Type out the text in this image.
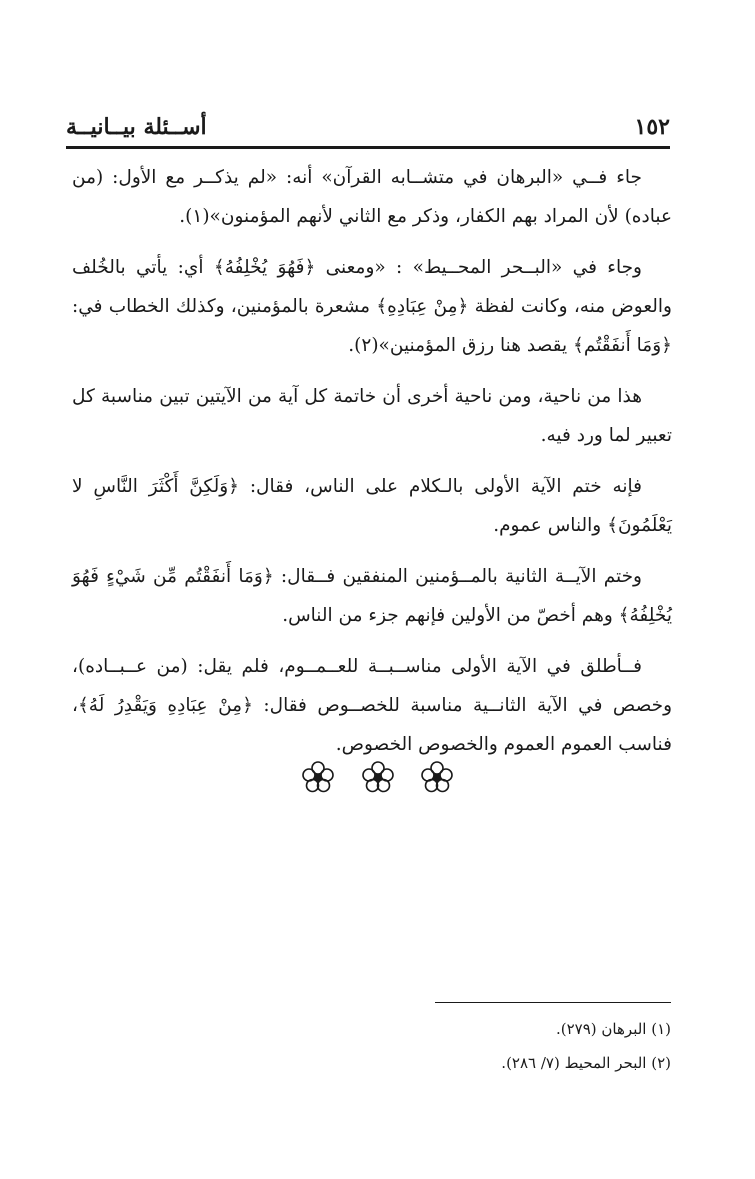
١٥٢
أســئلة بيــانيــة

جاء فــي «البرهان في متشــابه القرآن» أنه: «لم يذكــر مع الأول: (من عباده) لأن المراد بهم الكفار، وذكر مع الثاني لأنهم المؤمنون»(١).

وجاء في «البــحر المحــيط» : «ومعنى ﴿فَهُوَ يُخْلِفُهُ﴾ أي: يأتي بالخُلف والعوض منه، وكانت لفظة ﴿مِنْ عِبَادِهِ﴾ مشعرة بالمؤمنين، وكذلك الخطاب في: ﴿وَمَا أَنفَقْتُم﴾ يقصد هنا رزق المؤمنين»(٢).

هذا من ناحية، ومن ناحية أخرى أن خاتمة كل آية من الآيتين تبين مناسبة كل تعبير لما ورد فيه.

فإنه ختم الآية الأولى بالـكلام على الناس، فقال: ﴿وَلَكِنَّ أَكْثَرَ النَّاسِ لا يَعْلَمُونَ﴾ والناس عموم.

وختم الآيــة الثانية بالمــؤمنين المنفقين فــقال: ﴿وَمَا أَنفَقْتُم مِّن شَيْءٍ فَهُوَ يُخْلِفُهُ﴾ وهم أخصّ من الأولين فإنهم جزء من الناس.

فــأطلق في الآية الأولى مناســبــة للعــمــوم، فلم يقل: (من عــبــاده)، وخصص في الآية الثانــية مناسبة للخصــوص فقال: ﴿مِنْ عِبَادِهِ وَيَقْدِرُ لَهُ﴾، فناسب العموم العموم والخصوص الخصوص.

(١) البرهان (٢٧٩).
(٢) البحر المحيط (٧/ ٢٨٦).
